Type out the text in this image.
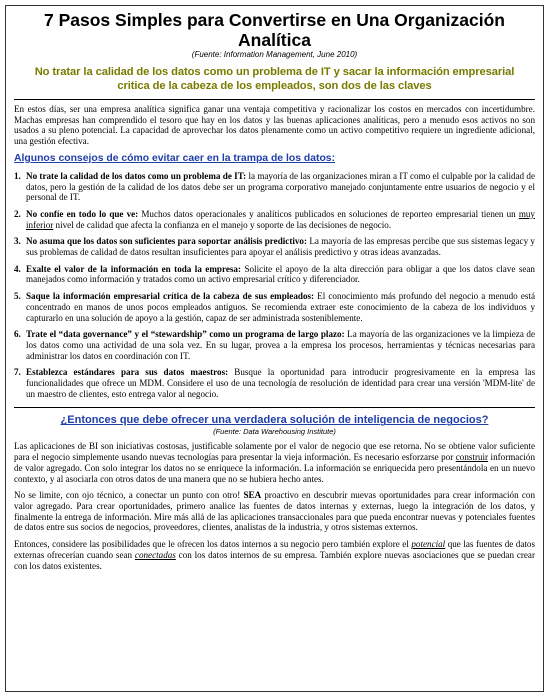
7 Pasos Simples para Convertirse en Una Organización Analítica
(Fuente: Information Management, June 2010)
No tratar la calidad de los datos como un problema de IT y sacar la información empresarial critica de la cabeza de los empleados, son dos de las claves

En estos días, ser una empresa analítica significa ganar una ventaja competitiva y racionalizar los costos en mercados con incertidumbre. Machas empresas han comprendido el tesoro que hay en los datos y las buenas aplicaciones analíticas, pero a menudo esos activos no son usados a su pleno potencial. La capacidad de aprovechar los datos plenamente como un activo competitivo requiere un ingrediente adicional, una gestión efectiva.

Algunos consejos de cómo evitar caer en la trampa de los datos:
1. No trate la calidad de los datos como un problema de IT: la mayoría de las organizaciones miran a IT como el culpable por la calidad de datos, pero la gestión de la calidad de los datos debe ser un programa corporativo manejado conjuntamente entre usuarios de negocio y el personal de IT.
2. No confíe en todo lo que ve: Muchos datos operacionales y analíticos publicados en soluciones de reporteo empresarial tienen un muy inferior nivel de calidad que afecta la confianza en el manejo y soporte de las decisiones de negocio.
3. No asuma que los datos son suficientes para soportar análisis predictivo: La mayoría de las empresas percibe que sus sistemas legacy y sus problemas de calidad de datos resultan insuficientes para apoyar el análisis predictivo y otras ideas avanzadas.
4. Exalte el valor de la información en toda la empresa: Solicite el apoyo de la alta dirección para obligar a que los datos clave sean manejados como información y tratados como un activo empresarial crítico y diferenciador.
5. Saque la información empresarial crítica de la cabeza de sus empleados: El conocimiento más profundo del negocio a menudo está concentrado en manos de unos pocos empleados antiguos. Se recomienda extraer este conocimiento de la cabeza de los individuos y capturarlo en una solución de apoyo a la gestión, capaz de ser administrada sosteniblemente.
6. Trate el “data governance” y el “stewardship” como un programa de largo plazo: La mayoría de las organizaciones ve la limpieza de los datos como una actividad de una sola vez. En su lugar, provea a la empresa los procesos, herramientas y técnicas necesarias para administrar los datos en coordinación con IT.
7. Establezca estándares para sus datos maestros: Busque la oportunidad para introducir progresivamente en la empresa las funcionalidades que ofrece un MDM. Considere el uso de una tecnología de resolución de identidad para crear una versión 'MDM-lite' de un maestro de clientes, esto entrega valor al negocio.
¿Entonces que debe ofrecer una verdadera solución de inteligencia de negocios?
(Fuente: Data Warehousing Institute)

Las aplicaciones de BI son iniciativas costosas, justificable solamente por el valor de negocio que ese retorna. No se obtiene valor suficiente para el negocio simplemente usando nuevas tecnologías para presentar la vieja información. Es necesario esforzarse por construir información de valor agregado. Con solo integrar los datos no se enriquece la información. La información se enriquecida pero presentándola en un nuevo contexto, y al asociarla con otros datos de una manera que no se hubiera hecho antes.

No se limite, con ojo técnico, a conectar un punto con otro! SEA proactivo en descubrir nuevas oportunidades para crear información con valor agregado. Para crear oportunidades, primero analice las fuentes de datos internas y externas, luego la integración de los datos, y finalmente la entrega de información. Mire más allá de las aplicaciones transaccionales para que pueda encontrar nuevas y potenciales fuentes de datos entre sus socios de negocios, proveedores, clientes, analistas de la industria, y otros sistemas externos.

Entonces, considere las posibilidades que le ofrecen los datos internos a su negocio pero también explore el potencial que las fuentes de datos externas ofrecerían cuando sean conectadas con los datos internos de su empresa. También explore nuevas asociaciones que se puedan crear con los datos existentes.
